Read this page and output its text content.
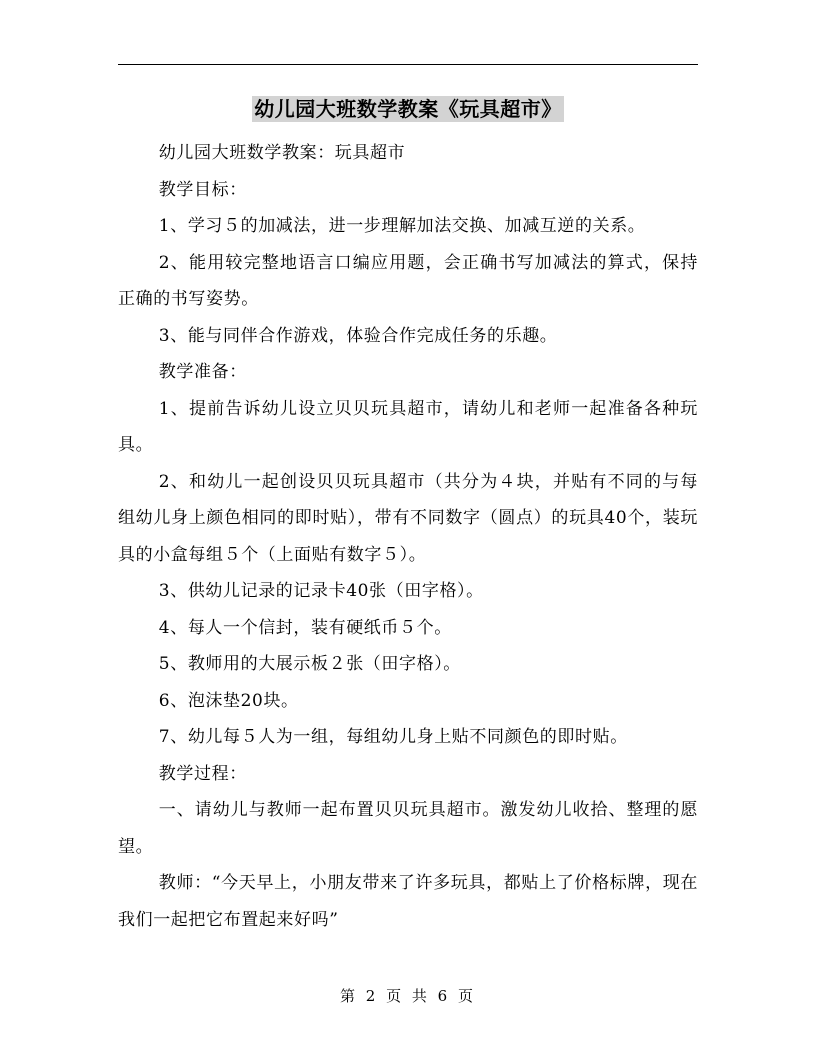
幼儿园大班数学教案《玩具超市》

幼儿园大班数学教案：玩具超市

教学目标：

1、学习５的加减法，进一步理解加法交换、加减互逆的关系。

2、能用较完整地语言口编应用题，会正确书写加减法的算式，保持正确的书写姿势。

3、能与同伴合作游戏，体验合作完成任务的乐趣。

教学准备：

1、提前告诉幼儿设立贝贝玩具超市，请幼儿和老师一起准备各种玩具。

2、和幼儿一起创设贝贝玩具超市（共分为４块，并贴有不同的与每组幼儿身上颜色相同的即时贴），带有不同数字（圆点）的玩具40个，装玩具的小盒每组５个（上面贴有数字５）。

3、供幼儿记录的记录卡40张（田字格）。

4、每人一个信封，装有硬纸币５个。

5、教师用的大展示板２张（田字格）。

6、泡沫垫20块。

7、幼儿每５人为一组，每组幼儿身上贴不同颜色的即时贴。

教学过程：

一、请幼儿与教师一起布置贝贝玩具超市。激发幼儿收拾、整理的愿望。

教师：“今天早上，小朋友带来了许多玩具，都贴上了价格标牌，现在我们一起把它布置起来好吗”

第 2 页 共 6 页
